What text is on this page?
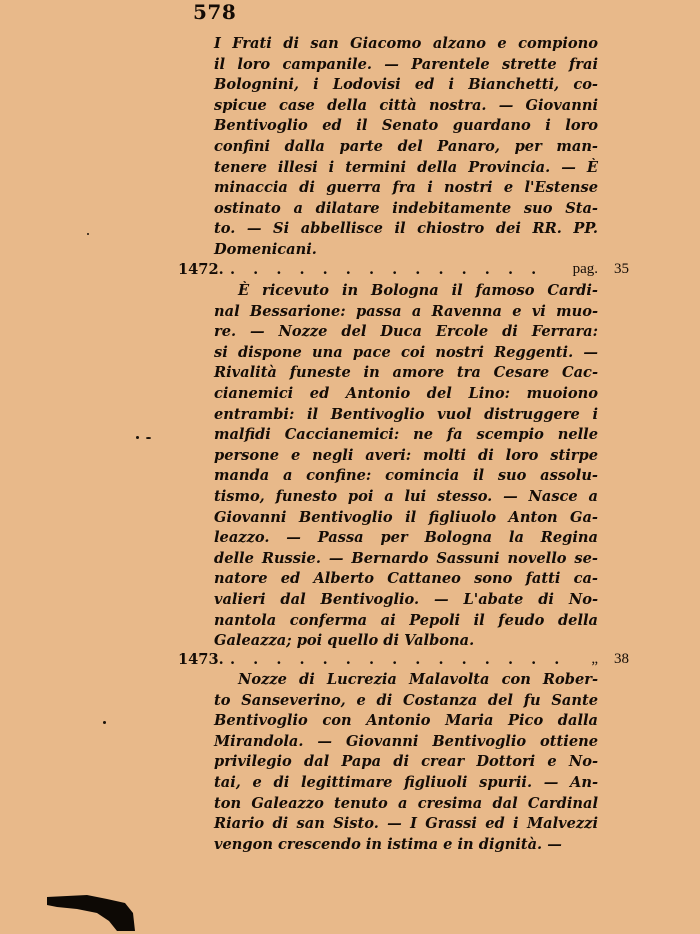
578
I Frati di san Giacomo alzano e compiono
il loro campanile. — Parentele strette frai
Bolognini, i Lodovisi ed i Bianchetti, co-
spicue case della città nostra. — Giovanni
Bentivoglio ed il Senato guardano i loro
confini dalla parte del Panaro, per man-
tenere illesi i termini della Provincia. — È
minaccia di guerra fra i nostri e l'Estense
ostinato a dilatare indebitamente suo Sta-
to. — Si abbellisce il chiostro dei RR. PP.
Domenicani.
1472. . . . . . . . . . . . . . . pag. 35
È ricevuto in Bologna il famoso Cardi-
nal Bessarione: passa a Ravenna e vi muo-
re. — Nozze del Duca Ercole di Ferrara:
si dispone una pace coi nostri Reggenti. —
Rivalità funeste in amore tra Cesare Cac-
cianemici ed Antonio del Lino: muoiono
entrambi: il Bentivoglio vuol distruggere i
malfidi Caccianemici: ne fa scempio nelle
persone e negli averi: molti di loro stirpe
manda a confine: comincia il suo assolu-
tismo, funesto poi a lui stesso. — Nasce a
Giovanni Bentivoglio il figliuolo Anton Ga-
leazzo. — Passa per Bologna la Regina
delle Russie. — Bernardo Sassuni novello se-
natore ed Alberto Cattaneo sono fatti ca-
valieri dal Bentivoglio. — L'abate di No-
nantola conferma ai Pepoli il feudo della
Galeazza; poi quello di Valbona.
1473. . . . . . . . . . . . . . . . „ 38
Nozze di Lucrezia Malavolta con Rober-
to Sanseverino, e di Costanza del fu Sante
Bentivoglio con Antonio Maria Pico dalla
Mirandola. — Giovanni Bentivoglio ottiene
privilegio dal Papa di crear Dottori e No-
tai, e di legittimare figliuoli spurii. — An-
ton Galeazzo tenuto a cresima dal Cardinal
Riario di san Sisto. — I Grassi ed i Malvezzi
vengon crescendo in istima e in dignità. —
